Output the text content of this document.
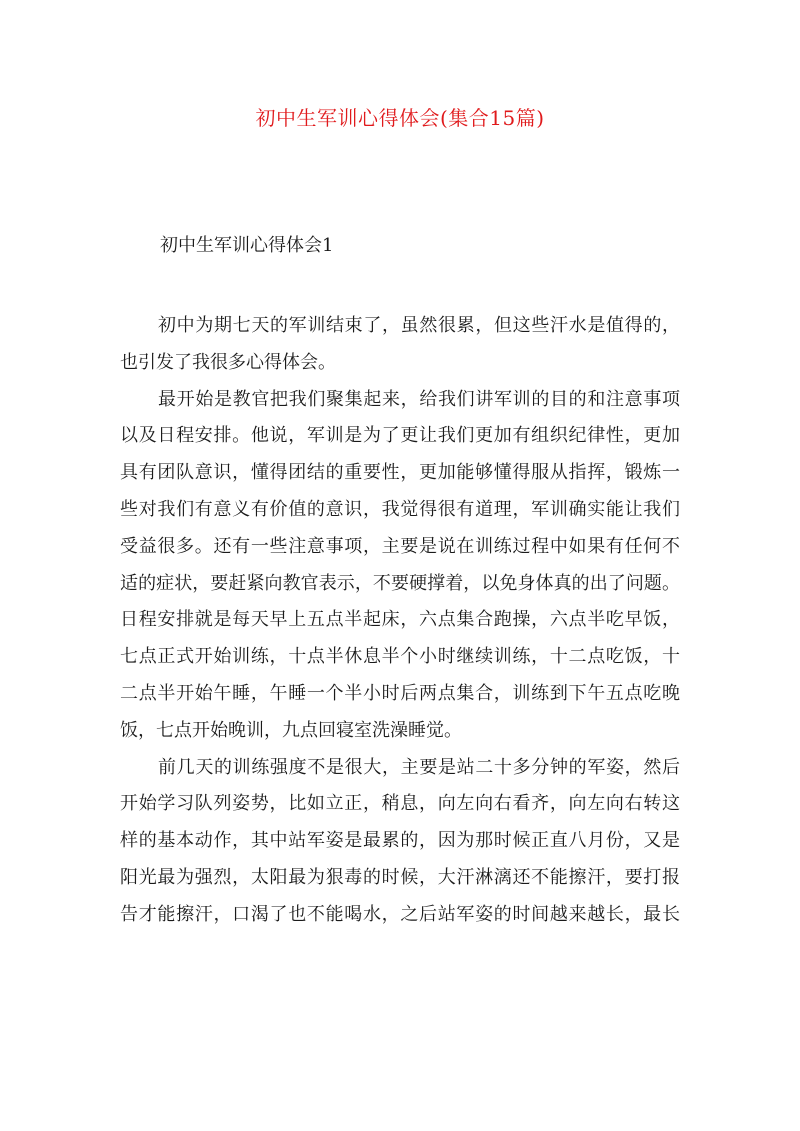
初中生军训心得体会(集合15篇)
初中生军训心得体会1
初中为期七天的军训结束了，虽然很累，但这些汗水是值得的，
也引发了我很多心得体会。
最开始是教官把我们聚集起来，给我们讲军训的目的和注意事项
以及日程安排。他说，军训是为了更让我们更加有组织纪律性，更加
具有团队意识，懂得团结的重要性，更加能够懂得服从指挥，锻炼一
些对我们有意义有价值的意识，我觉得很有道理，军训确实能让我们
受益很多。还有一些注意事项，主要是说在训练过程中如果有任何不
适的症状，要赶紧向教官表示，不要硬撑着，以免身体真的出了问题。
日程安排就是每天早上五点半起床，六点集合跑操，六点半吃早饭，
七点正式开始训练，十点半休息半个小时继续训练，十二点吃饭，十
二点半开始午睡，午睡一个半小时后两点集合，训练到下午五点吃晚
饭，七点开始晚训，九点回寝室洗澡睡觉。
前几天的训练强度不是很大，主要是站二十多分钟的军姿，然后
开始学习队列姿势，比如立正，稍息，向左向右看齐，向左向右转这
样的基本动作，其中站军姿是最累的，因为那时候正直八月份，又是
阳光最为强烈，太阳最为狠毒的时候，大汗淋漓还不能擦汗，要打报
告才能擦汗，口渴了也不能喝水，之后站军姿的时间越来越长，最长
